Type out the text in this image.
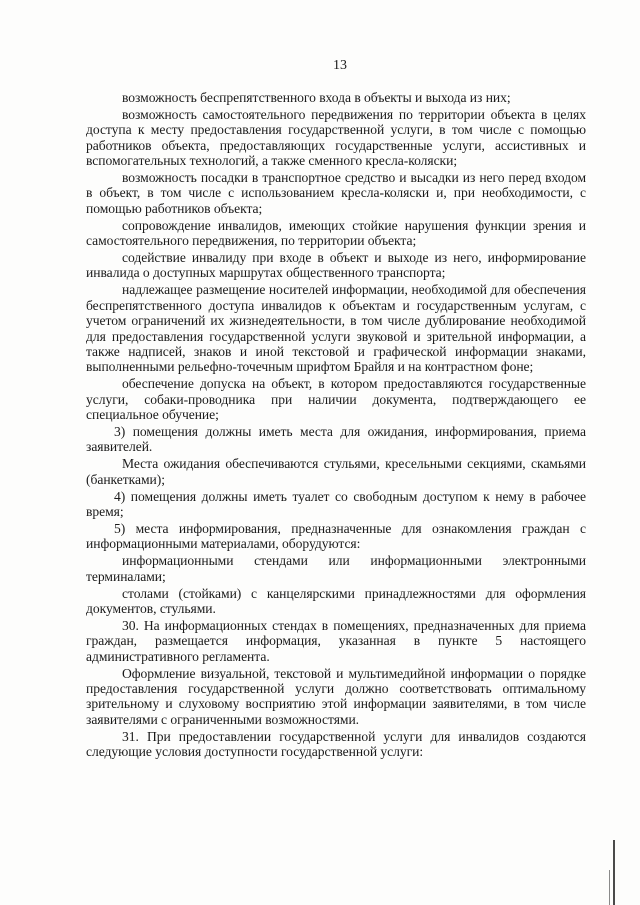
13

возможность беспрепятственного входа в объекты и выхода из них;

возможность самостоятельного передвижения по территории объекта в целях доступа к месту предоставления государственной услуги, в том числе с помощью работников объекта, предоставляющих государственные услуги, ассистивных и вспомогательных технологий, а также сменного кресла-коляски;

возможность посадки в транспортное средство и высадки из него перед входом в объект, в том числе с использованием кресла-коляски и, при необходимости, с помощью работников объекта;

сопровождение инвалидов, имеющих стойкие нарушения функции зрения и самостоятельного передвижения, по территории объекта;

содействие инвалиду при входе в объект и выходе из него, информирование инвалида о доступных маршрутах общественного транспорта;

надлежащее размещение носителей информации, необходимой для обеспечения беспрепятственного доступа инвалидов к объектам и государственным услугам, с учетом ограничений их жизнедеятельности, в том числе дублирование необходимой для предоставления государственной услуги звуковой и зрительной информации, а также надписей, знаков и иной текстовой и графической информации знаками, выполненными рельефно-точечным шрифтом Брайля и на контрастном фоне;

обеспечение допуска на объект, в котором предоставляются государственные услуги, собаки-проводника при наличии документа, подтверждающего ее специальное обучение;

3) помещения должны иметь места для ожидания, информирования, приема заявителей.

Места ожидания обеспечиваются стульями, кресельными секциями, скамьями (банкетками);

4) помещения должны иметь туалет со свободным доступом к нему в рабочее время;

5) места информирования, предназначенные для ознакомления граждан с информационными материалами, оборудуются:

информационными стендами или информационными электронными терминалами;

столами (стойками) с канцелярскими принадлежностями для оформления документов, стульями.

30. На информационных стендах в помещениях, предназначенных для приема граждан, размещается информация, указанная в пункте 5 настоящего административного регламента.

Оформление визуальной, текстовой и мультимедийной информации о порядке предоставления государственной услуги должно соответствовать оптимальному зрительному и слуховому восприятию этой информации заявителями, в том числе заявителями с ограниченными возможностями.

31. При предоставлении государственной услуги для инвалидов создаются следующие условия доступности государственной услуги:
